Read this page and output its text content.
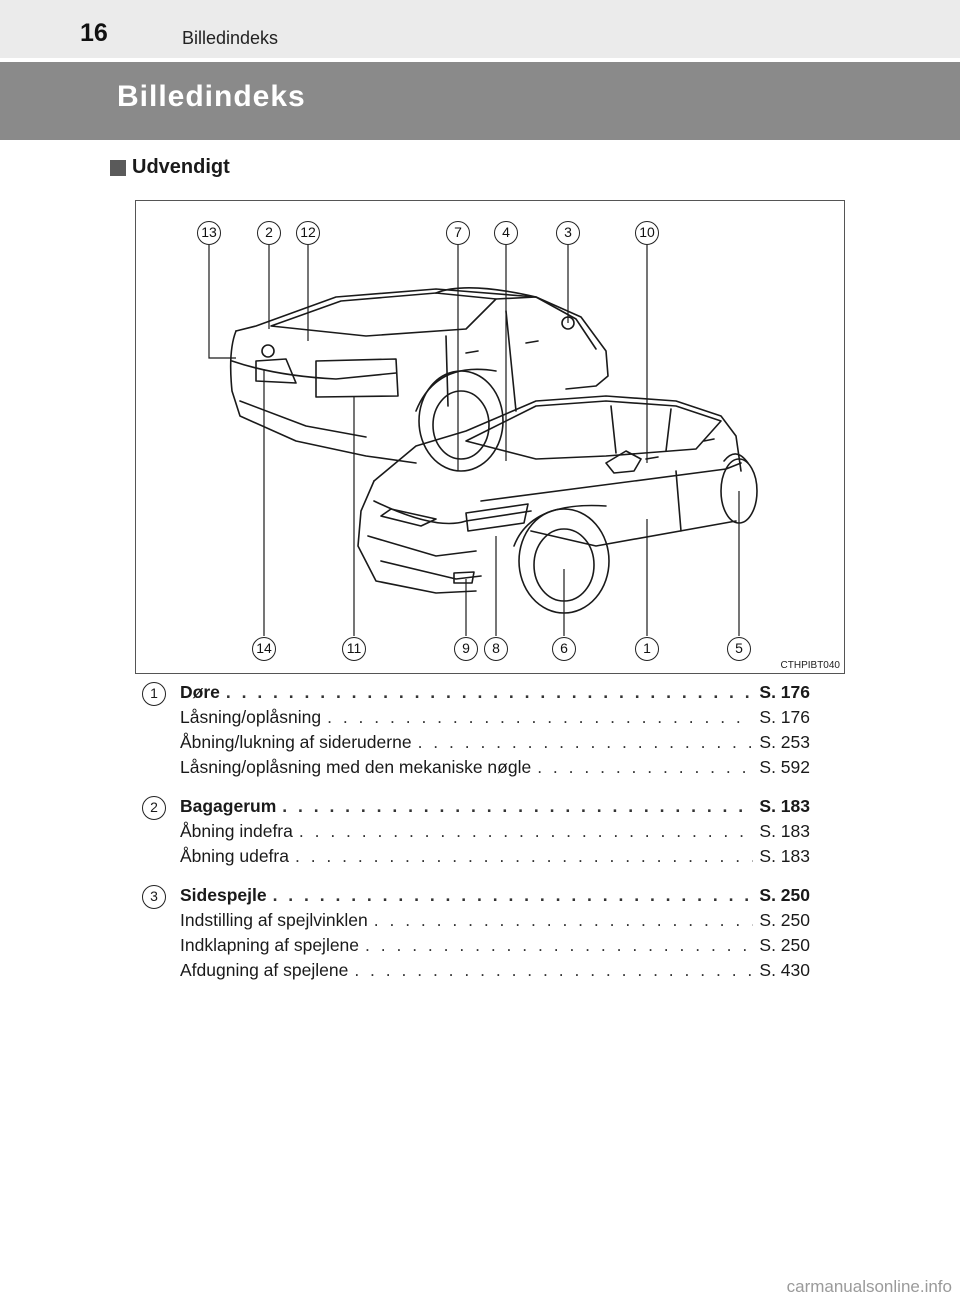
16	Billedindeks
Billedindeks
Udvendigt
13	2	12	7	4	3	10
14	11	9	8	6	1	5
CTHPIBT040
1	Døre . . .	S. 176
Låsning/oplåsning . . .	S. 176
Åbning/lukning af sideruderne . . .	S. 253
Låsning/oplåsning med den mekaniske nøgle . . .	S. 592
2	Bagagerum . . .	S. 183
Åbning indefra . . .	S. 183
Åbning udefra . . .	S. 183
3	Sidespejle . . .	S. 250
Indstilling af spejlvinklen . . .	S. 250
Indklapning af spejlene . . .	S. 250
Afdugning af spejlene . . .	S. 430
carmanualsonline.info
